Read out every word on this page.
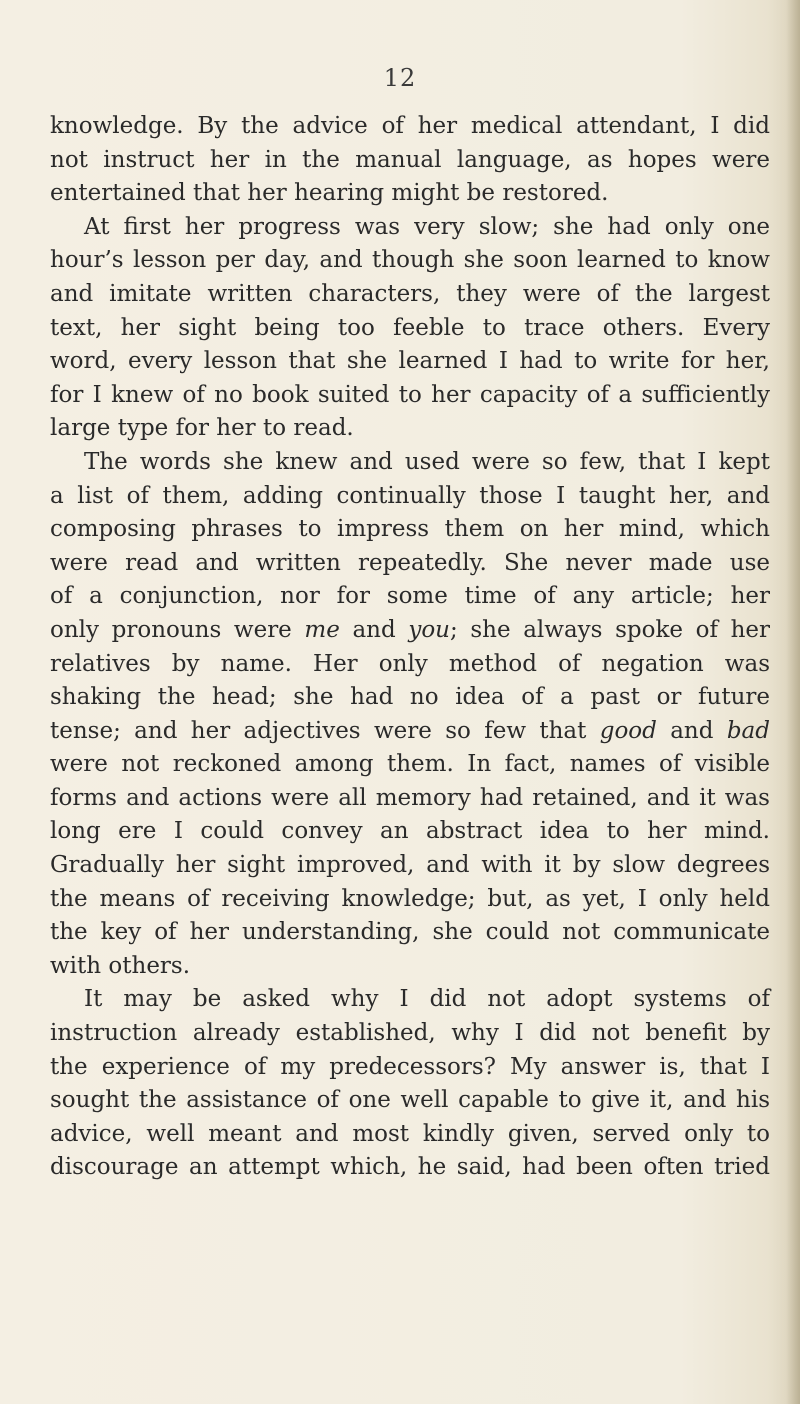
12
knowledge. By the advice of her medical attendant, I did
not instruct her in the manual language, as hopes were
entertained that her hearing might be restored.
At first her progress was very slow; she had only one
hour’s lesson per day, and though she soon learned to know
and imitate written characters, they were of the largest
text, her sight being too feeble to trace others. Every
word, every lesson that she learned I had to write for her,
for I knew of no book suited to her capacity of a sufficiently
large type for her to read.
The words she knew and used were so few, that I kept
a list of them, adding continually those I taught her, and
composing phrases to impress them on her mind, which
were read and written repeatedly. She never made use
of a conjunction, nor for some time of any article; her
only pronouns were me and you; she always spoke of her
relatives by name. Her only method of negation was
shaking the head; she had no idea of a past or future
tense; and her adjectives were so few that good and bad
were not reckoned among them. In fact, names of visible
forms and actions were all memory had retained, and it was
long ere I could convey an abstract idea to her mind.
Gradually her sight improved, and with it by slow degrees
the means of receiving knowledge; but, as yet, I only held
the key of her understanding, she could not communicate
with others.
It may be asked why I did not adopt systems of
instruction already established, why I did not benefit by
the experience of my predecessors? My answer is, that I
sought the assistance of one well capable to give it, and his
advice, well meant and most kindly given, served only to
discourage an attempt which, he said, had been often tried
